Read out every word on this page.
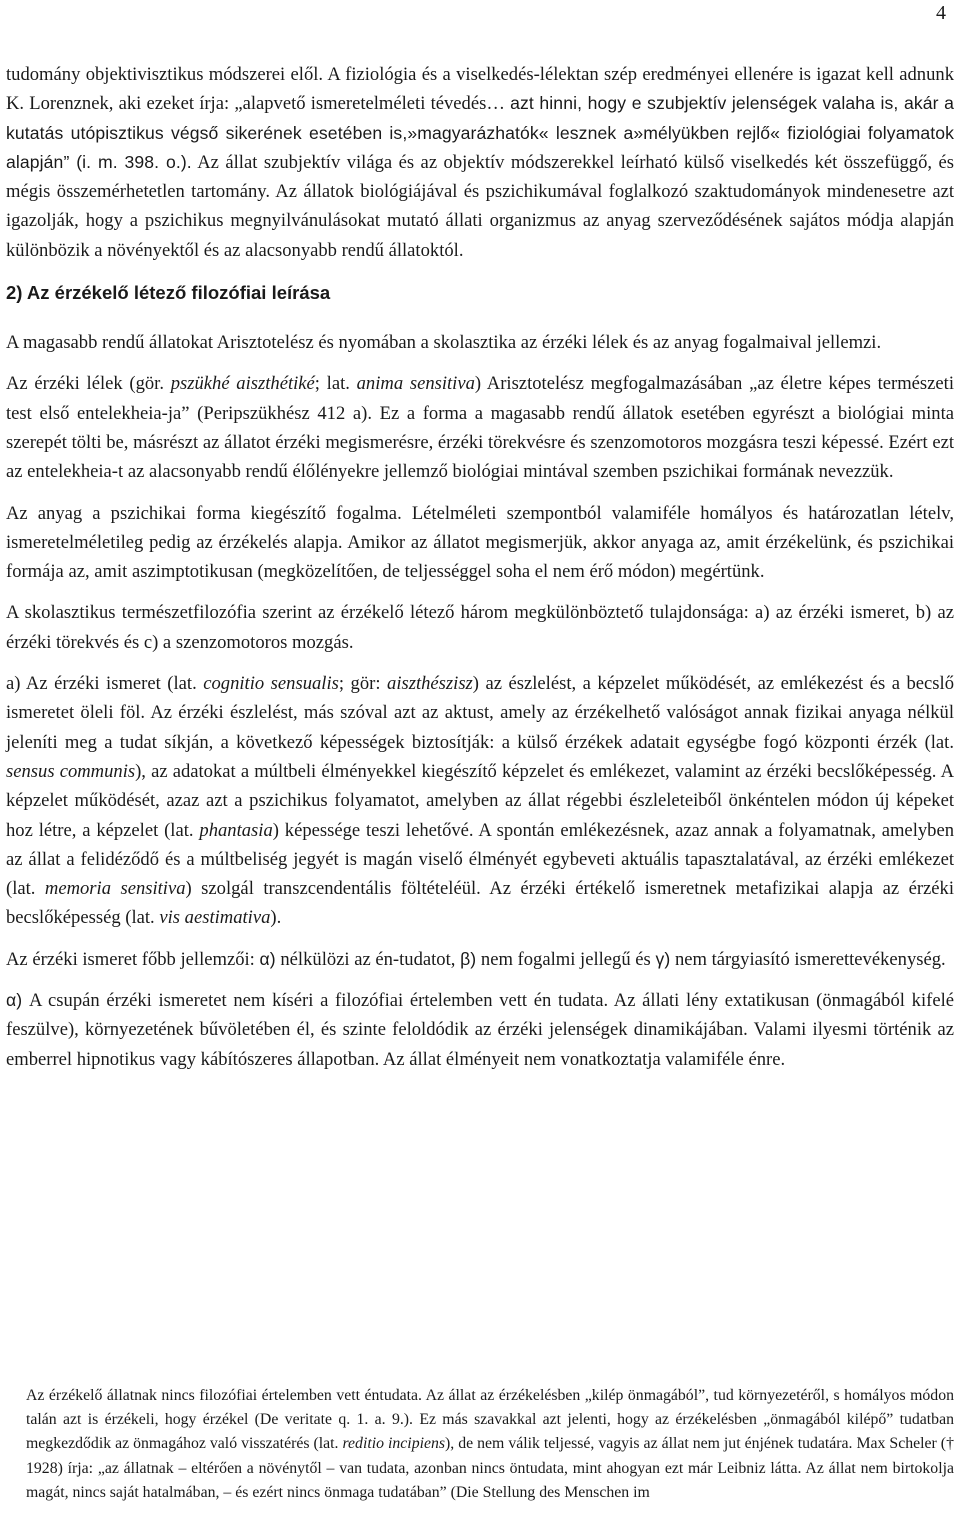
4

tudomány objektivisztikus módszerei elől. A fiziológia és a viselkedés-lélektan szép eredményei ellenére is igazat kell adnunk K. Lorenznek, aki ezeket írja: „alapvető ismeretelméleti tévedés… azt hinni, hogy e szubjektív jelenségek valaha is, akár a kutatás utópisztikus végső sikerének esetében is,»magyarázhatók« lesznek a»mélyükben rejlő« fiziológiai folyamatok alapján” (i. m. 398. o.). Az állat szubjektív világa és az objektív módszerekkel leírható külső viselkedés két összefüggő, és mégis összemérhetetlen tartomány. Az állatok biológiájával és pszichikumával foglalkozó szaktudományok mindenesetre azt igazolják, hogy a pszichikus megnyilvánulásokat mutató állati organizmus az anyag szerveződésének sajátos módja alapján különbözik a növényektől és az alacsonyabb rendű állatoktól.

2) Az érzékelő létező filozófiai leírása

A magasabb rendű állatokat Arisztotelész és nyomában a skolasztika az érzéki lélek és az anyag fogalmaival jellemzi.

Az érzéki lélek (gör. pszükhé aiszthétiké; lat. anima sensitiva) Arisztotelész megfogalmazásában „az életre képes természeti test első entelekheia-ja” (Peripszükhész 412 a). Ez a forma a magasabb rendű állatok esetében egyrészt a biológiai minta szerepét tölti be, másrészt az állatot érzéki megismerésre, érzéki törekvésre és szenzomotoros mozgásra teszi képessé. Ezért ezt az entelekheia-t az alacsonyabb rendű élőlényekre jellemző biológiai mintával szemben pszichikai formának nevezzük.

Az anyag a pszichikai forma kiegészítő fogalma. Lételméleti szempontból valamiféle homályos és határozatlan lételv, ismeretelméletileg pedig az érzékelés alapja. Amikor az állatot megismerjük, akkor anyaga az, amit érzékelünk, és pszichikai formája az, amit aszimptotikusan (megközelítően, de teljességgel soha el nem érő módon) megértünk.

A skolasztikus természetfilozófia szerint az érzékelő létező három megkülönböztető tulajdonsága: a) az érzéki ismeret, b) az érzéki törekvés és c) a szenzomotoros mozgás.

a) Az érzéki ismeret (lat. cognitio sensualis; gör: aiszthészisz) az észlelést, a képzelet működését, az emlékezést és a becslő ismeretet öleli föl. Az érzéki észlelést, más szóval azt az aktust, amely az érzékelhető valóságot annak fizikai anyaga nélkül jeleníti meg a tudat síkján, a következő képességek biztosítják: a külső érzékek adatait egységbe fogó központi érzék (lat. sensus communis), az adatokat a múltbeli élményekkel kiegészítő képzelet és emlékezet, valamint az érzéki becslőképesség. A képzelet működését, azaz azt a pszichikus folyamatot, amelyben az állat régebbi észleleteiből önkéntelen módon új képeket hoz létre, a képzelet (lat. phantasia) képessége teszi lehetővé. A spontán emlékezésnek, azaz annak a folyamatnak, amelyben az állat a felidéződő és a múltbeliség jegyét is magán viselő élményét egybeveti aktuális tapasztalatával, az érzéki emlékezet (lat. memoria sensitiva) szolgál transzcendentális föltételéül. Az érzéki értékelő ismeretnek metafizikai alapja az érzéki becslőképesség (lat. vis aestimativa).

Az érzéki ismeret főbb jellemzői: α) nélkülözi az én-tudatot, β) nem fogalmi jellegű és γ) nem tárgyiasító ismerettevékenység.

α) A csupán érzéki ismeretet nem kíséri a filozófiai értelemben vett én tudata. Az állati lény extatikusan (önmagából kifelé feszülve), környezetének bűvöletében él, és szinte feloldódik az érzéki jelenségek dinamikájában. Valami ilyesmi történik az emberrel hipnotikus vagy kábítószeres állapotban. Az állat élményeit nem vonatkoztatja valamiféle énre.

Az érzékelő állatnak nincs filozófiai értelemben vett éntudata. Az állat az érzékelésben „kilép önmagából”, tud környezetéről, s homályos módon talán azt is érzékeli, hogy érzékel (De veritate q. 1. a. 9.). Ez más szavakkal azt jelenti, hogy az érzékelésben „önmagából kilépő” tudatban megkezdődik az önmagához való visszatérés (lat. reditio incipiens), de nem válik teljessé, vagyis az állat nem jut énjének tudatára. Max Scheler († 1928) írja: „az állatnak – eltérően a növénytől – van tudata, azonban nincs öntudata, mint ahogyan ezt már Leibniz látta. Az állat nem birtokolja magát, nincs saját hatalmában, – és ezért nincs önmaga tudatában” (Die Stellung des Menschen im
